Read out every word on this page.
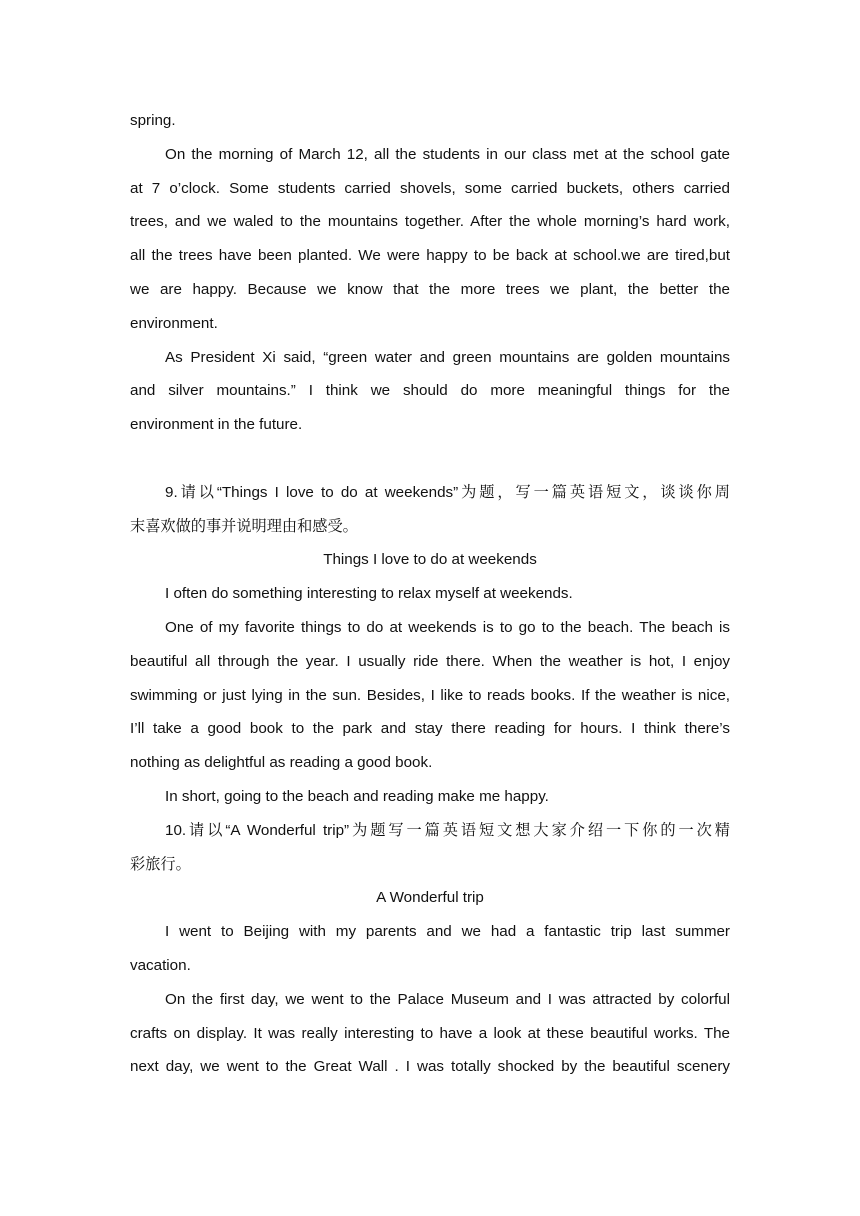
spring.

On the morning of March 12, all the students in our class met at the school gate

at 7 o’clock. Some students carried shovels, some carried buckets, others carried

trees, and we waled to the mountains together. After the whole morning’s hard work,

all the trees have been planted. We were happy to be back at school.we are tired,but

we are happy. Because we know that the more trees we plant, the better the

environment.

As President Xi said, “green water and green mountains are golden mountains

and silver mountains.” I think we should do more meaningful things for the

environment in the future.

9.请以“Things I love to do at weekends”为题，写一篇英语短文，谈谈你周

末喜欢做的事并说明理由和感受。

Things I love to do at weekends

I often do something interesting to relax myself at weekends.

One of my favorite things to do at weekends is to go to the beach. The beach is

beautiful all through the year. I usually ride there. When the weather is hot, I enjoy

swimming or just lying in the sun. Besides, I like to reads books. If the weather is nice,

I’ll take a good book to the park and stay there reading for hours. I think there’s

nothing as delightful as reading a good book.

In short, going to the beach and reading make me happy.

10.请以“A Wonderful trip”为题写一篇英语短文想大家介绍一下你的一次精

彩旅行。

A Wonderful trip

I went to Beijing with my parents and we had a fantastic trip last summer

vacation.

On the first day, we went to the Palace Museum and I was attracted by colorful

crafts on display. It was really interesting to have a look at these beautiful works. The

next day, we went to the Great Wall . I was totally shocked by the beautiful scenery
